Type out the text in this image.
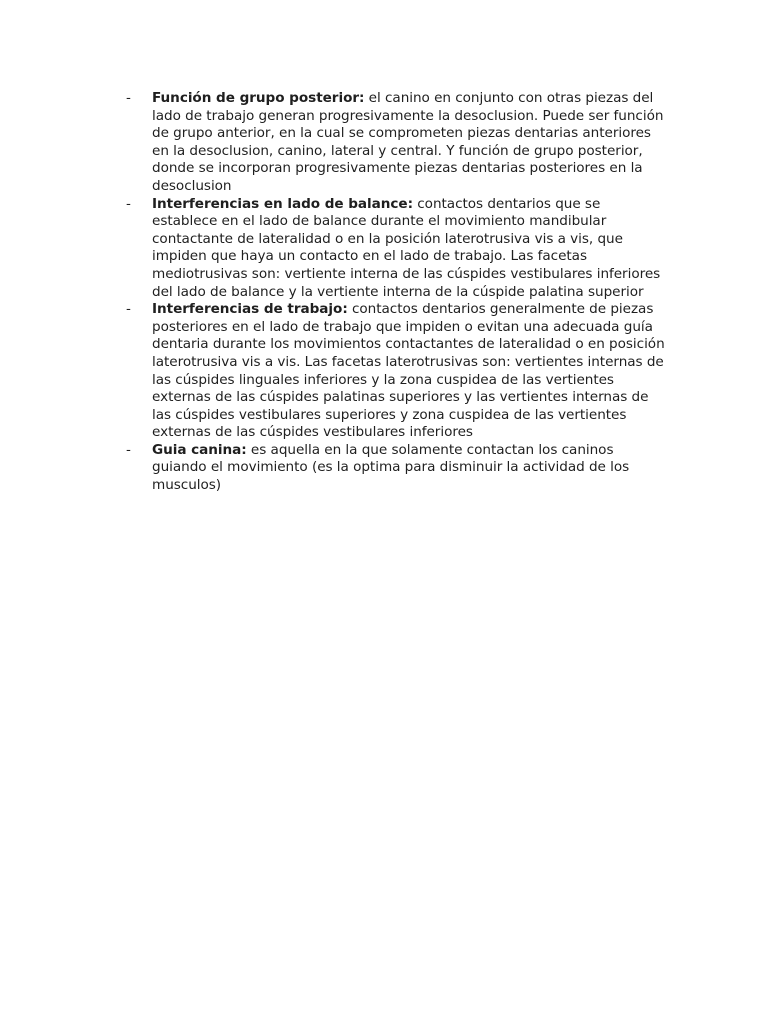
- Función de grupo posterior: el canino en conjunto con otras piezas del lado de trabajo generan progresivamente la desoclusion. Puede ser función de grupo anterior, en la cual se comprometen piezas dentarias anteriores en la desoclusion, canino, lateral y central. Y función de grupo posterior, donde se incorporan progresivamente piezas dentarias posteriores en la desoclusion
- Interferencias en lado de balance: contactos dentarios que se establece en el lado de balance durante el movimiento mandibular contactante de lateralidad o en la posición laterotrusiva vis a vis, que impiden que haya un contacto en el lado de trabajo. Las facetas mediotrusivas son: vertiente interna de las cúspides vestibulares inferiores del lado de balance y la vertiente interna de la cúspide palatina superior
- Interferencias de trabajo: contactos dentarios generalmente de piezas posteriores en el lado de trabajo que impiden o evitan una adecuada guía dentaria durante los movimientos contactantes de lateralidad o en posición laterotrusiva vis a vis. Las facetas laterotrusivas son: vertientes internas de las cúspides linguales inferiores y la zona cuspidea de las vertientes externas de las cúspides palatinas superiores y las vertientes internas de las cúspides vestibulares superiores y zona cuspidea de las vertientes externas de las cúspides vestibulares inferiores
- Guia canina: es aquella en la que solamente contactan los caninos guiando el movimiento (es la optima para disminuir la actividad de los musculos)
